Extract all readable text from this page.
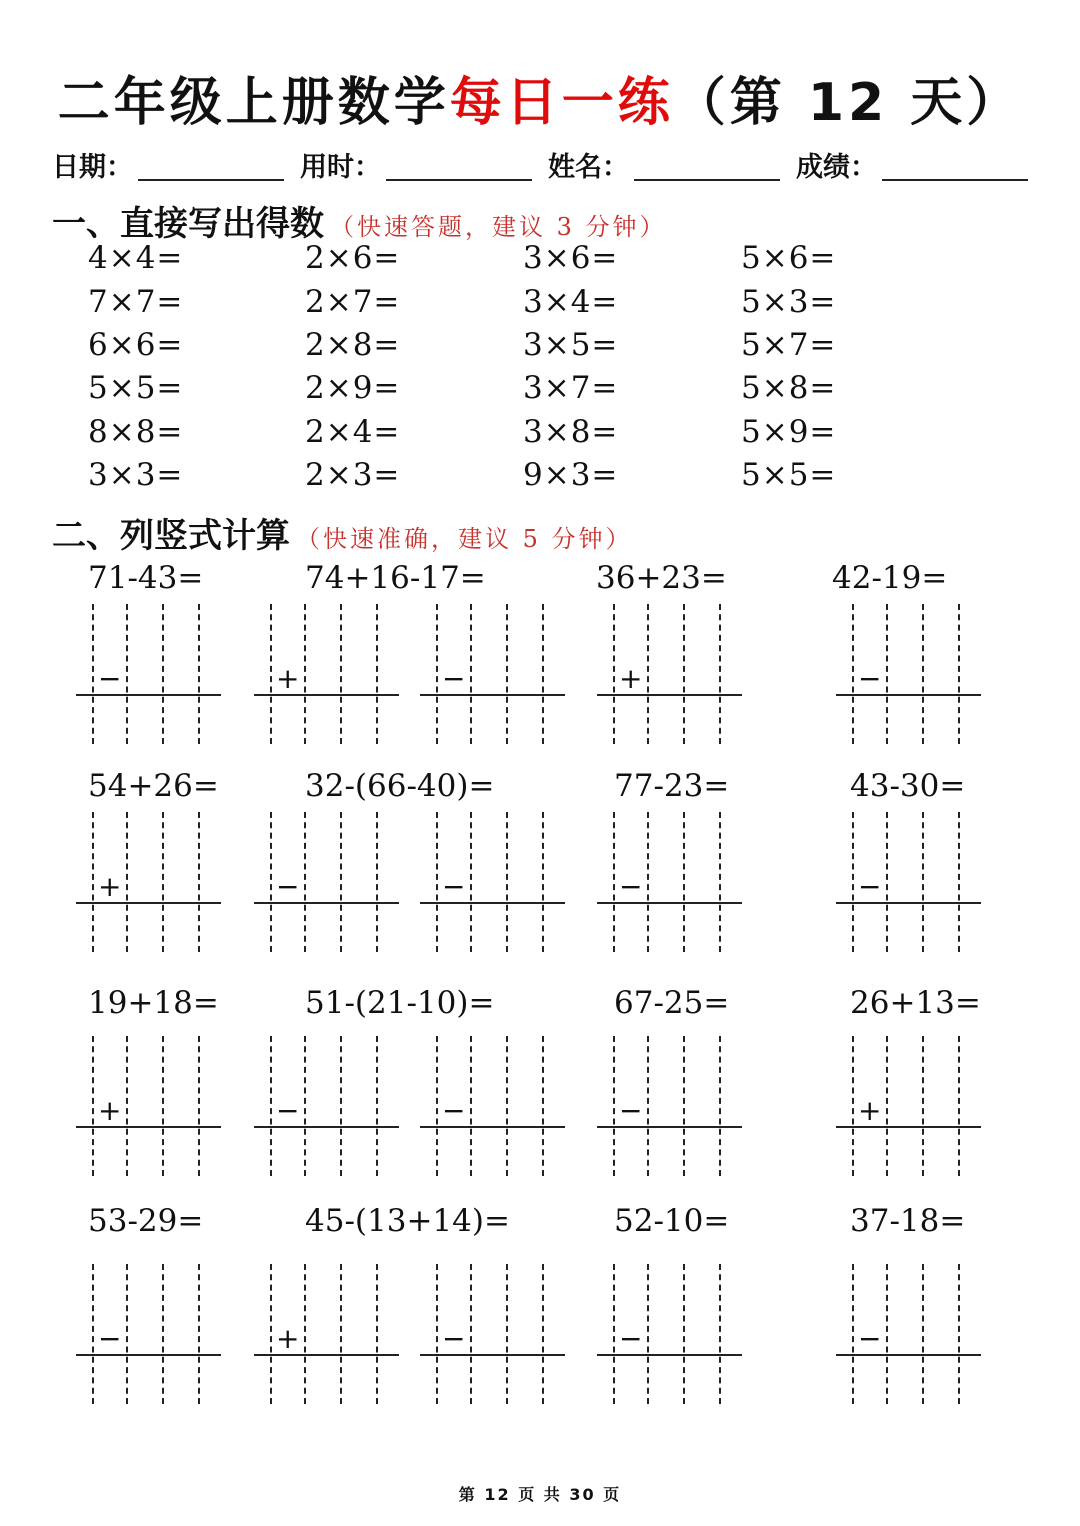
二年级上册数学每日一练（第 12 天）
日期：	用时：	姓名：	成绩：
一、直接写出得数 （快速答题，建议 3 分钟）
4×4=	2×6=	3×6=	5×6=
7×7=	2×7=	3×4=	5×3=
6×6=	2×8=	3×5=	5×7=
5×5=	2×9=	3×7=	5×8=
8×8=	2×4=	3×8=	5×9=
3×3=	2×3=	9×3=	5×5=
二、列竖式计算 （快速准确，建议 5 分钟）
71-43=	74+16-17=	36+23=	42-19=
−	+	−	+	−
54+26=	32-(66-40)=	77-23=	43-30=
+	−	−	−	−
19+18=	51-(21-10)=	67-25=	26+13=
+	−	−	−	+
53-29=	45-(13+14)=	52-10=	37-18=
−	+	−	−	−
第 12 页 共 30 页
